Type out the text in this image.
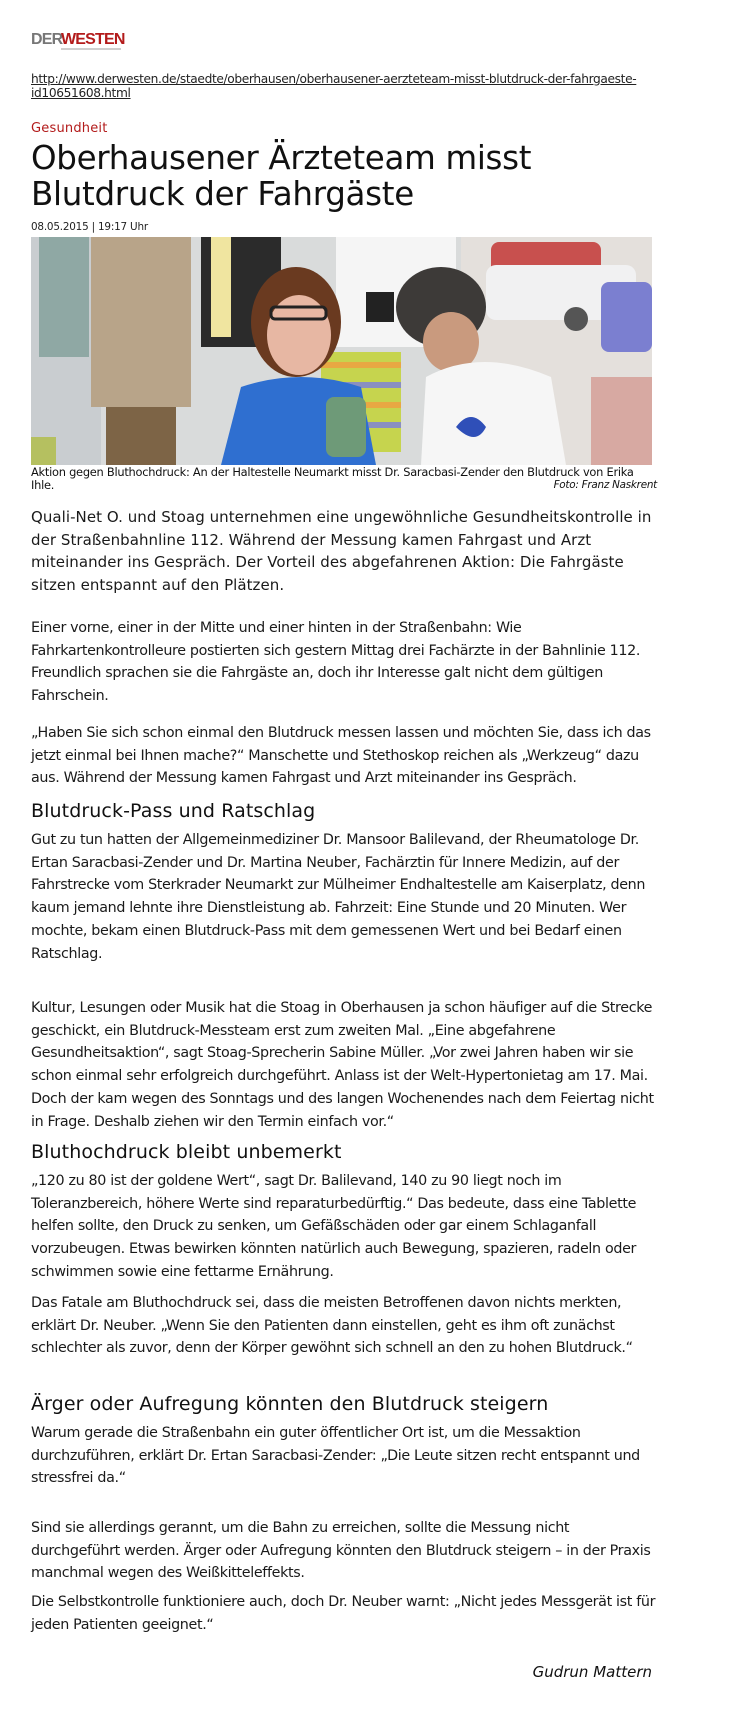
DER
WESTEN
http://www.derwesten.de/staedte/oberhausen/oberhausener-aerzteteam-misst-blutdruck-der-fahrgaeste-id10651608.html
Gesundheit
Oberhausener Ärzteteam misst Blutdruck der Fahrgäste
08.05.2015 | 19:17 Uhr
Aktion gegen Bluthochdruck: An der Haltestelle Neumarkt misst Dr. Saracbasi-Zender den Blutdruck von Erika Ihle.	Foto: Franz Naskrent

Quali-Net O. und Stoag unternehmen eine ungewöhnliche Gesundheitskontrolle in der Straßenbahnline 112. Während der Messung kamen Fahrgast und Arzt miteinander ins Gespräch. Der Vorteil des abgefahrenen Aktion: Die Fahrgäste sitzen entspannt auf den Plätzen.

Einer vorne, einer in der Mitte und einer hinten in der Straßenbahn: Wie Fahrkartenkontrolleure postierten sich gestern Mittag drei Fachärzte in der Bahnlinie 112. Freundlich sprachen sie die Fahrgäste an, doch ihr Interesse galt nicht dem gültigen Fahrschein.

„Haben Sie sich schon einmal den Blutdruck messen lassen und möchten Sie, dass ich das jetzt einmal bei Ihnen mache?“ Manschette und Stethoskop reichen als „Werkzeug“ dazu aus. Während der Messung kamen Fahrgast und Arzt miteinander ins Gespräch.

Blutdruck-Pass und Ratschlag

Gut zu tun hatten der Allgemeinmediziner Dr. Mansoor Balilevand, der Rheumatologe Dr. Ertan Saracbasi-Zender und Dr. Martina Neuber, Fachärztin für Innere Medizin, auf der Fahrstrecke vom Sterkrader Neumarkt zur Mülheimer Endhaltestelle am Kaiserplatz, denn kaum jemand lehnte ihre Dienstleistung ab. Fahrzeit: Eine Stunde und 20 Minuten. Wer mochte, bekam einen Blutdruck-Pass mit dem gemessenen Wert und bei Bedarf einen Ratschlag.

Kultur, Lesungen oder Musik hat die Stoag in Oberhausen ja schon häufiger auf die Strecke geschickt, ein Blutdruck-Messteam erst zum zweiten Mal. „Eine abgefahrene Gesundheitsaktion“, sagt Stoag-Sprecherin Sabine Müller. „Vor zwei Jahren haben wir sie schon einmal sehr erfolgreich durchgeführt. Anlass ist der Welt-Hypertonietag am 17. Mai. Doch der kam wegen des Sonntags und des langen Wochenendes nach dem Feiertag nicht in Frage. Deshalb ziehen wir den Termin einfach vor.“

Bluthochdruck bleibt unbemerkt

„120 zu 80 ist der goldene Wert“, sagt Dr. Balilevand, 140 zu 90 liegt noch im Toleranzbereich, höhere Werte sind reparaturbedürftig.“ Das bedeute, dass eine Tablette helfen sollte, den Druck zu senken, um Gefäßschäden oder gar einem Schlaganfall vorzubeugen. Etwas bewirken könnten natürlich auch Bewegung, spazieren, radeln oder schwimmen sowie eine fettarme Ernährung.

Das Fatale am Bluthochdruck sei, dass die meisten Betroffenen davon nichts merkten, erklärt Dr. Neuber. „Wenn Sie den Patienten dann einstellen, geht es ihm oft zunächst schlechter als zuvor, denn der Körper gewöhnt sich schnell an den zu hohen Blutdruck.“

Ärger oder Aufregung könnten den Blutdruck steigern

Warum gerade die Straßenbahn ein guter öffentlicher Ort ist, um die Messaktion durchzuführen, erklärt Dr. Ertan Saracbasi-Zender: „Die Leute sitzen recht entspannt und stressfrei da.“

Sind sie allerdings gerannt, um die Bahn zu erreichen, sollte die Messung nicht durchgeführt werden. Ärger oder Aufregung könnten den Blutdruck steigern – in der Praxis manchmal wegen des Weißkitteleffekts.

Die Selbstkontrolle funktioniere auch, doch Dr. Neuber warnt: „Nicht jedes Messgerät ist für jeden Patienten geeignet.“

Gudrun Mattern
